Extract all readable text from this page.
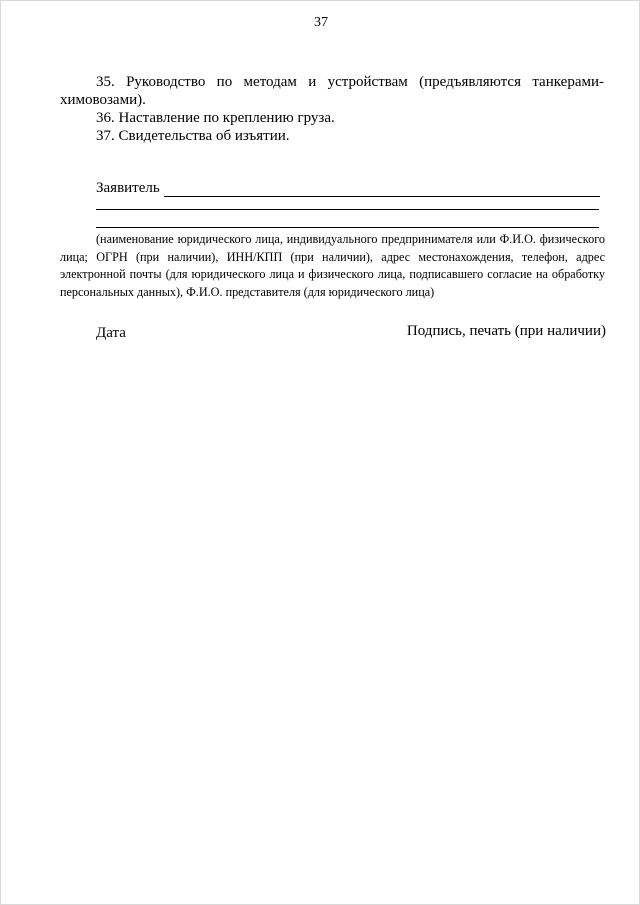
37

35. Руководство по методам и устройствам (предъявляются танкерами-

химовозами).

36. Наставление по креплению груза.

37. Свидетельства об изъятии.

Заявитель

(наименование юридического лица, индивидуального предпринимателя или Ф.И.О. физического лица; ОГРН (при наличии), ИНН/КПП (при наличии), адрес местонахождения, телефон, адрес электронной почты (для юридического лица и физического лица, подписавшего согласие на обработку персональных данных), Ф.И.О. представителя (для юридического лица)

Дата	Подпись, печать (при наличии)
